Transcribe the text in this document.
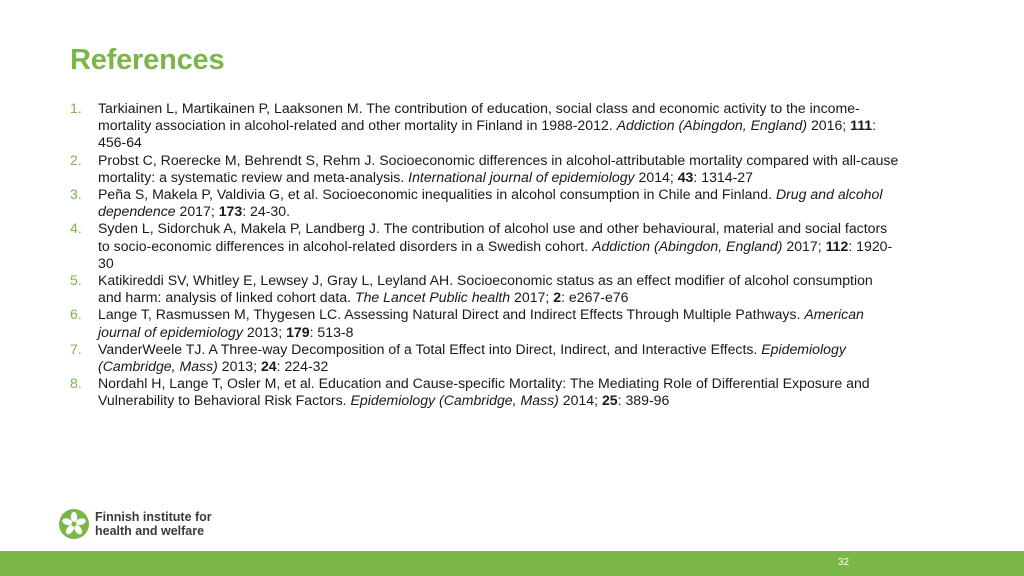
References
1. Tarkiainen L, Martikainen P, Laaksonen M. The contribution of education, social class and economic activity to the income-mortality association in alcohol-related and other mortality in Finland in 1988-2012. Addiction (Abingdon, England) 2016; 111: 456-64
2. Probst C, Roerecke M, Behrendt S, Rehm J. Socioeconomic differences in alcohol-attributable mortality compared with all-cause mortality: a systematic review and meta-analysis. International journal of epidemiology 2014; 43: 1314-27
3. Peña S, Makela P, Valdivia G, et al. Socioeconomic inequalities in alcohol consumption in Chile and Finland. Drug and alcohol dependence 2017; 173: 24-30.
4. Syden L, Sidorchuk A, Makela P, Landberg J. The contribution of alcohol use and other behavioural, material and social factors to socio-economic differences in alcohol-related disorders in a Swedish cohort. Addiction (Abingdon, England) 2017; 112: 1920-30
5. Katikireddi SV, Whitley E, Lewsey J, Gray L, Leyland AH. Socioeconomic status as an effect modifier of alcohol consumption and harm: analysis of linked cohort data. The Lancet Public health 2017; 2: e267-e76
6. Lange T, Rasmussen M, Thygesen LC. Assessing Natural Direct and Indirect Effects Through Multiple Pathways. American journal of epidemiology 2013; 179: 513-8
7. VanderWeele TJ. A Three-way Decomposition of a Total Effect into Direct, Indirect, and Interactive Effects. Epidemiology (Cambridge, Mass) 2013; 24: 224-32
8. Nordahl H, Lange T, Osler M, et al. Education and Cause-specific Mortality: The Mediating Role of Differential Exposure and Vulnerability to Behavioral Risk Factors. Epidemiology (Cambridge, Mass) 2014; 25: 389-96
Finnish institute for
health and welfare
32
